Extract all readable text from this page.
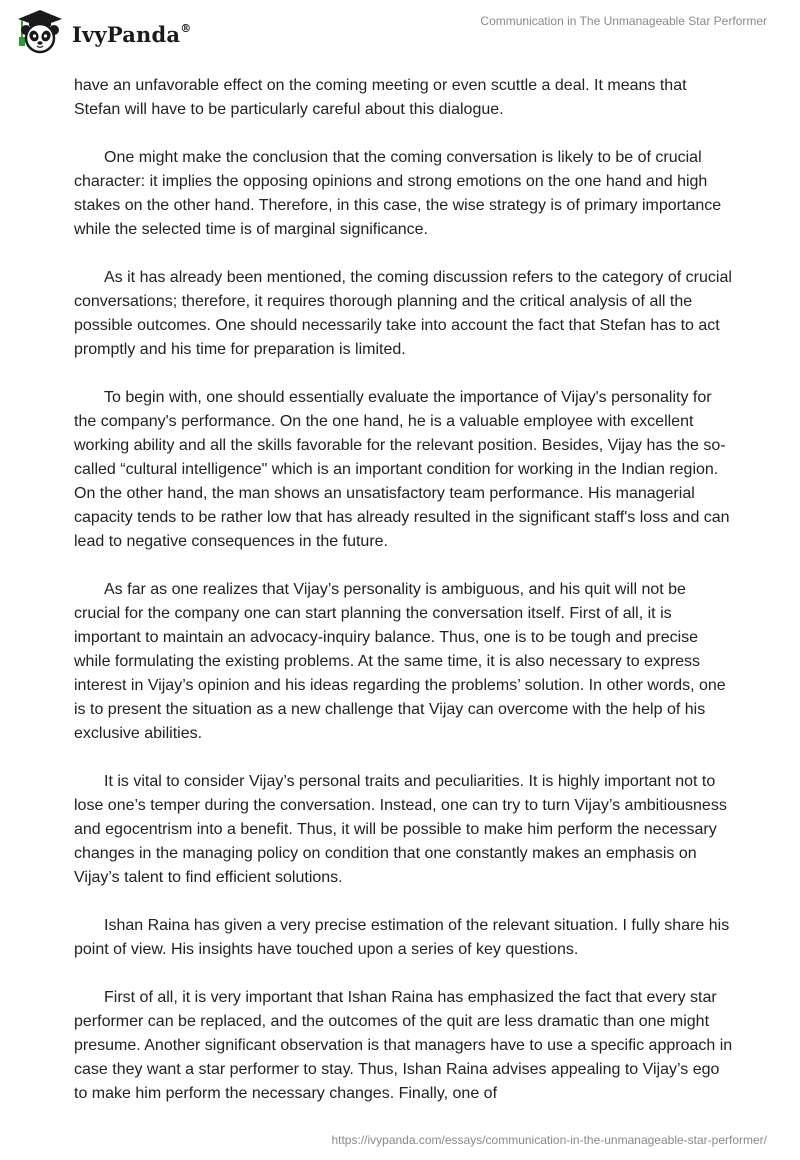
IvyPanda®	Communication in The Unmanageable Star Performer

have an unfavorable effect on the coming meeting or even scuttle a deal. It means that Stefan will have to be particularly careful about this dialogue.

One might make the conclusion that the coming conversation is likely to be of crucial character: it implies the opposing opinions and strong emotions on the one hand and high stakes on the other hand. Therefore, in this case, the wise strategy is of primary importance while the selected time is of marginal significance.

As it has already been mentioned, the coming discussion refers to the category of crucial conversations; therefore, it requires thorough planning and the critical analysis of all the possible outcomes. One should necessarily take into account the fact that Stefan has to act promptly and his time for preparation is limited.

To begin with, one should essentially evaluate the importance of Vijay's personality for the company's performance. On the one hand, he is a valuable employee with excellent working ability and all the skills favorable for the relevant position. Besides, Vijay has the so-called “cultural intelligence" which is an important condition for working in the Indian region. On the other hand, the man shows an unsatisfactory team performance. His managerial capacity tends to be rather low that has already resulted in the significant staff's loss and can lead to negative consequences in the future.

As far as one realizes that Vijay’s personality is ambiguous, and his quit will not be crucial for the company one can start planning the conversation itself. First of all, it is important to maintain an advocacy-inquiry balance. Thus, one is to be tough and precise while formulating the existing problems. At the same time, it is also necessary to express interest in Vijay’s opinion and his ideas regarding the problems’ solution. In other words, one is to present the situation as a new challenge that Vijay can overcome with the help of his exclusive abilities.

It is vital to consider Vijay’s personal traits and peculiarities. It is highly important not to lose one’s temper during the conversation. Instead, one can try to turn Vijay’s ambitiousness and egocentrism into a benefit. Thus, it will be possible to make him perform the necessary changes in the managing policy on condition that one constantly makes an emphasis on Vijay’s talent to find efficient solutions.

Ishan Raina has given a very precise estimation of the relevant situation. I fully share his point of view. His insights have touched upon a series of key questions.

First of all, it is very important that Ishan Raina has emphasized the fact that every star performer can be replaced, and the outcomes of the quit are less dramatic than one might presume. Another significant observation is that managers have to use a specific approach in case they want a star performer to stay. Thus, Ishan Raina advises appealing to Vijay’s ego to make him perform the necessary changes. Finally, one of

https://ivypanda.com/essays/communication-in-the-unmanageable-star-performer/
